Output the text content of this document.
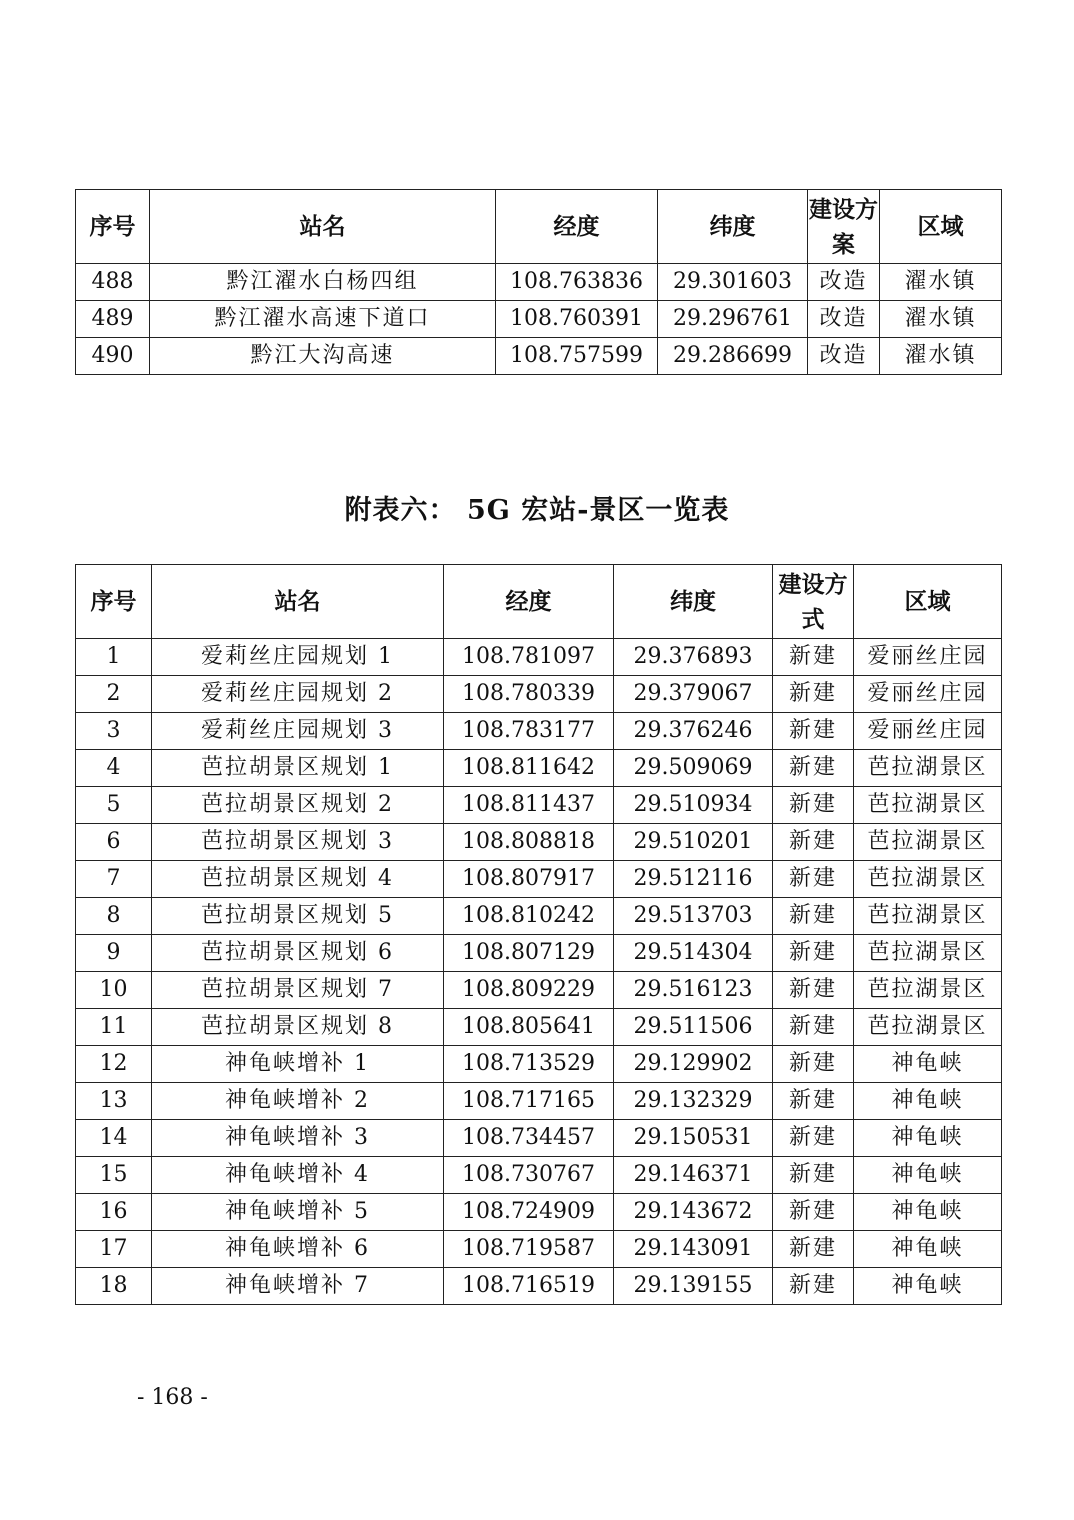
序号	站名	经度	纬度	建设方案	区域
488	黔江濯水白杨四组	108.763836	29.301603	改造	濯水镇
489	黔江濯水高速下道口	108.760391	29.296761	改造	濯水镇
490	黔江大沟高速	108.757599	29.286699	改造	濯水镇
附表六： 5G 宏站-景区一览表
序号	站名	经度	纬度	建设方式	区域
1	爱莉丝庄园规划 1	108.781097	29.376893	新建	爱丽丝庄园
2	爱莉丝庄园规划 2	108.780339	29.379067	新建	爱丽丝庄园
3	爱莉丝庄园规划 3	108.783177	29.376246	新建	爱丽丝庄园
4	芭拉胡景区规划 1	108.811642	29.509069	新建	芭拉湖景区
5	芭拉胡景区规划 2	108.811437	29.510934	新建	芭拉湖景区
6	芭拉胡景区规划 3	108.808818	29.510201	新建	芭拉湖景区
7	芭拉胡景区规划 4	108.807917	29.512116	新建	芭拉湖景区
8	芭拉胡景区规划 5	108.810242	29.513703	新建	芭拉湖景区
9	芭拉胡景区规划 6	108.807129	29.514304	新建	芭拉湖景区
10	芭拉胡景区规划 7	108.809229	29.516123	新建	芭拉湖景区
11	芭拉胡景区规划 8	108.805641	29.511506	新建	芭拉湖景区
12	神龟峡增补 1	108.713529	29.129902	新建	神龟峡
13	神龟峡增补 2	108.717165	29.132329	新建	神龟峡
14	神龟峡增补 3	108.734457	29.150531	新建	神龟峡
15	神龟峡增补 4	108.730767	29.146371	新建	神龟峡
16	神龟峡增补 5	108.724909	29.143672	新建	神龟峡
17	神龟峡增补 6	108.719587	29.143091	新建	神龟峡
18	神龟峡增补 7	108.716519	29.139155	新建	神龟峡
- 168 -
